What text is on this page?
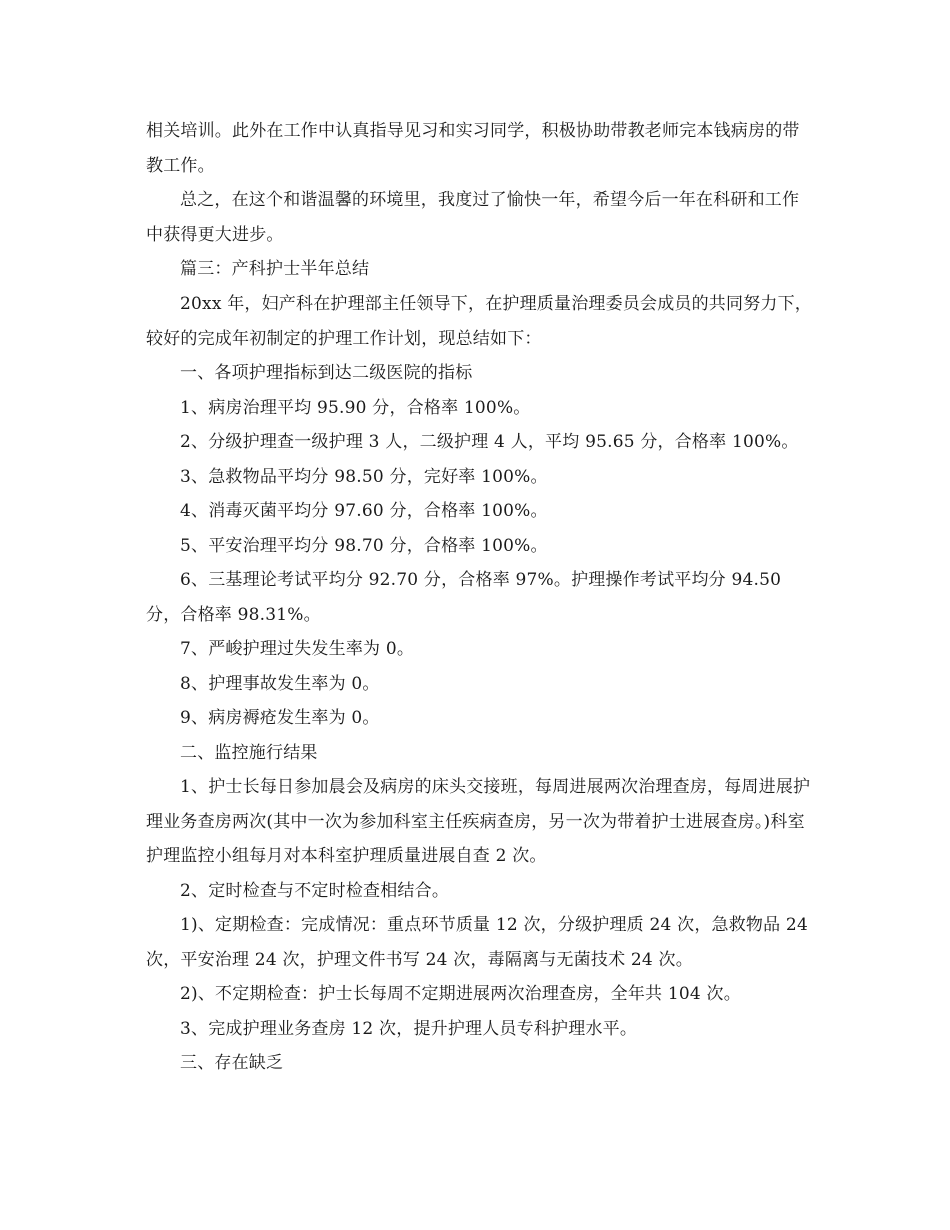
相关培训。此外在工作中认真指导见习和实习同学，积极协助带教老师完本钱病房的带教工作。

总之，在这个和谐温馨的环境里，我度过了愉快一年，希望今后一年在科研和工作中获得更大进步。

篇三：产科护士半年总结

20xx 年，妇产科在护理部主任领导下，在护理质量治理委员会成员的共同努力下，较好的完成年初制定的护理工作计划，现总结如下：

一、各项护理指标到达二级医院的指标

1、病房治理平均 95.90 分，合格率 100%。

2、分级护理查一级护理 3 人，二级护理 4 人，平均 95.65 分，合格率 100%。

3、急救物品平均分 98.50 分，完好率 100%。

4、消毒灭菌平均分 97.60 分，合格率 100%。

5、平安治理平均分 98.70 分，合格率 100%。

6、三基理论考试平均分 92.70 分，合格率 97%。护理操作考试平均分 94.50 分，合格率 98.31%。

7、严峻护理过失发生率为 0。

8、护理事故发生率为 0。

9、病房褥疮发生率为 0。

二、监控施行结果

1、护士长每日参加晨会及病房的床头交接班，每周进展两次治理查房，每周进展护理业务查房两次(其中一次为参加科室主任疾病查房，另一次为带着护士进展查房。)科室护理监控小组每月对本科室护理质量进展自查 2 次。

2、定时检查与不定时检查相结合。

1)、定期检查：完成情况：重点环节质量 12 次，分级护理质 24 次，急救物品 24 次，平安治理 24 次，护理文件书写 24 次，毒隔离与无菌技术 24 次。

2)、不定期检查：护士长每周不定期进展两次治理查房，全年共 104 次。

3、完成护理业务查房 12 次，提升护理人员专科护理水平。

三、存在缺乏
